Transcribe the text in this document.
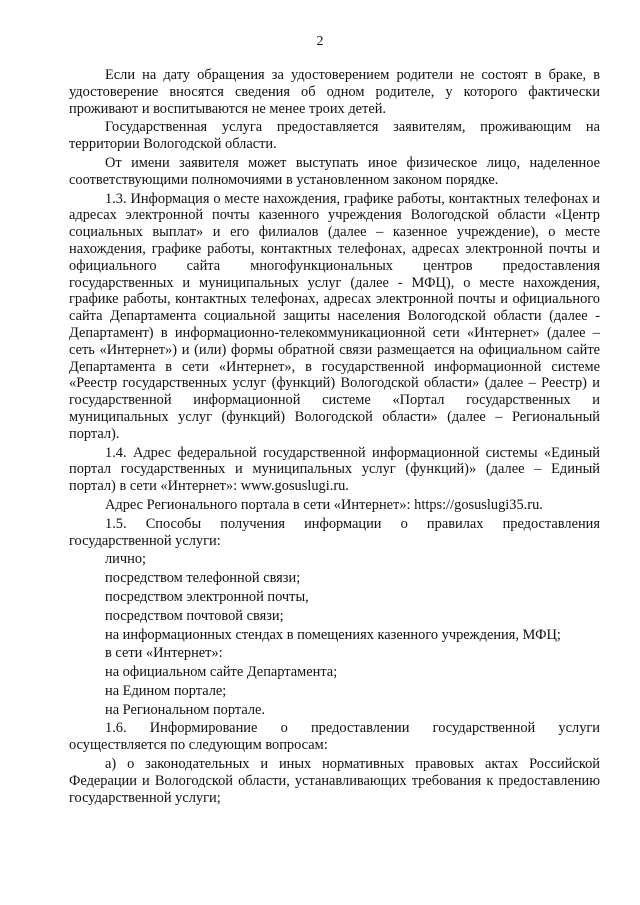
2

Если на дату обращения за удостоверением родители не состоят в браке, в удостоверение вносятся сведения об одном родителе, у которого фактически проживают и воспитываются не менее троих детей.

Государственная услуга предоставляется заявителям, проживающим на территории Вологодской области.

От имени заявителя может выступать иное физическое лицо, наделенное соответствующими полномочиями в установленном законом порядке.

1.3. Информация о месте нахождения, графике работы, контактных телефонах и адресах электронной почты казенного учреждения Вологодской области «Центр социальных выплат» и его филиалов (далее – казенное учреждение), о месте нахождения, графике работы, контактных телефонах, адресах электронной почты и официального сайта многофункциональных центров предоставления государственных и муниципальных услуг (далее - МФЦ), о месте нахождения, графике работы, контактных телефонах, адресах электронной почты и официального сайта Департамента социальной защиты населения Вологодской области (далее - Департамент) в информационно-телекоммуникационной сети «Интернет» (далее – сеть «Интернет») и (или) формы обратной связи размещается на официальном сайте Департамента в сети «Интернет», в государственной информационной системе «Реестр государственных услуг (функций) Вологодской области» (далее – Реестр) и государственной информационной системе «Портал государственных и муниципальных услуг (функций) Вологодской области» (далее – Региональный портал).

1.4. Адрес федеральной государственной информационной системы «Единый портал государственных и муниципальных услуг (функций)» (далее – Единый портал) в сети «Интернет»: www.gosuslugi.ru.

Адрес Регионального портала в сети «Интернет»: https://gosuslugi35.ru.

1.5. Способы получения информации о правилах предоставления государственной услуги:

лично;

посредством телефонной связи;

посредством электронной почты,

посредством почтовой связи;

на информационных стендах в помещениях казенного учреждения, МФЦ;

в сети «Интернет»:

на официальном сайте Департамента;

на Едином портале;

на Региональном портале.

1.6. Информирование о предоставлении государственной услуги осуществляется по следующим вопросам:

а) о законодательных и иных нормативных правовых актах Российской Федерации и Вологодской области, устанавливающих требования к предоставлению государственной услуги;
